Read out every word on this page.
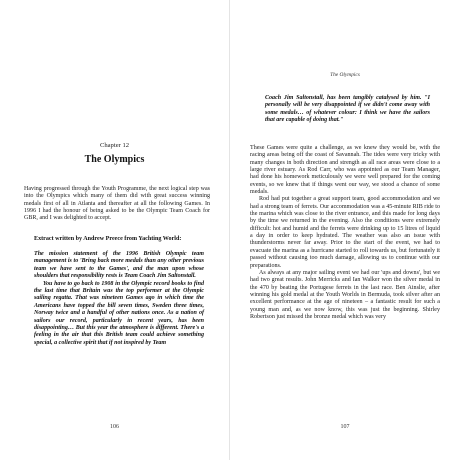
Chapter 12
The Olympics

Having progressed through the Youth Programme, the next logical step was into the Olympics which many of them did with great success winning medals first of all in Atlanta and thereafter at all the following Games. In 1996 I had the honour of being asked to be the Olympic Team Coach for GBR, and I was delighted to accept.

Extract written by Andrew Preece from Yachting World:

The mission statement of the 1996 British Olympic team management is to 'Bring back more medals than any other previous team we have sent to the Games', and the man upon whose shoulders that responsibility rests is Team Coach Jim Saltonstall.

You have to go back to 1908 in the Olympic record books to find the last time that Britain was the top performer at the Olympic sailing regatta. That was nineteen Games ago in which time the Americans have topped the bill seven times, Sweden three times, Norway twice and a handful of other nations once. As a nation of sailors our record, particularly in recent years, has been disappointing… But this year the atmosphere is different. There's a feeling in the air that this British team could achieve something special, a collective spirit that if not inspired by Team

106
The Olympics

Coach Jim Saltonstall, has been tangibly catalysed by him. "I personally will be very disappointed if we didn't come away with some medals… of whatever colour: I think we have the sailors that are capable of doing that."

These Games were quite a challenge, as we knew they would be, with the racing areas being off the coast of Savannah. The tides were very tricky with many changes in both direction and strength as all race areas were close to a large river estuary. As Rod Carr, who was appointed as our Team Manager, had done his homework meticulously we were well prepared for the coming events, so we knew that if things went our way, we stood a chance of some medals.

Rod had put together a great support team, good accommodation and we had a strong team of ferrets. Our accommodation was a 45-minute RIB ride to the marina which was close to the river entrance, and this made for long days by the time we returned in the evening. Also the conditions were extremely difficult: hot and humid and the ferrets were drinking up to 15 litres of liquid a day in order to keep hydrated. The weather was also an issue with thunderstorms never far away. Prior to the start of the event, we had to evacuate the marina as a hurricane started to roll towards us, but fortunately it passed without causing too much damage, allowing us to continue with our preparations.

As always at any major sailing event we had our 'ups and downs', but we had two great results. John Merricks and Ian Walker won the silver medal in the 470 by beating the Portugese ferrets in the last race. Ben Ainslie, after winning his gold medal at the Youth Worlds in Bermuda, took silver after an excellent performance at the age of nineteen – a fantastic result for such a young man and, as we now know, this was just the beginning. Shirley Robertson just missed the bronze medal which was very

107
